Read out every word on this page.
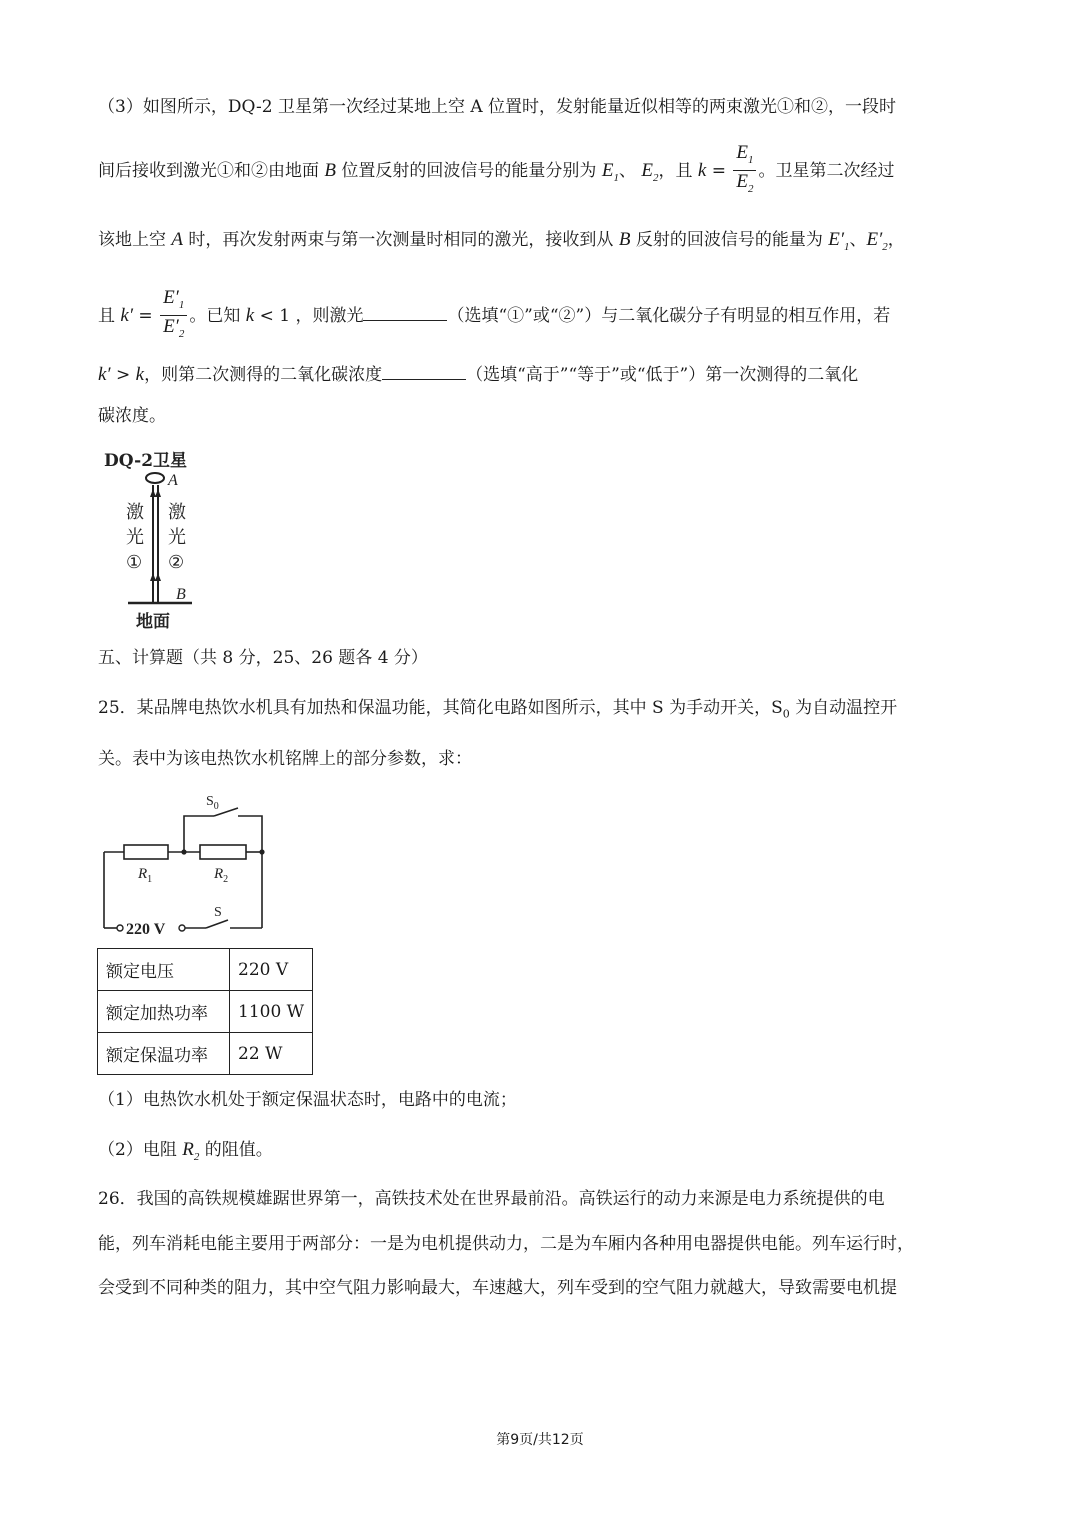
（3）如图所示，DQ-2 卫星第一次经过某地上空 A 位置时，发射能量近似相等的两束激光①和②，一段时
间后接收到激光①和②由地面 B 位置反射的回波信号的能量分别为 $E_1$、 $E_2$，且 $k = \frac{E_1}{E_2}$ 。卫星第二次经过
该地上空 A 时，再次发射两束与第一次测量时相同的激光，接收到从 B 反射的回波信号的能量为 $E'_1$、$E'_2$，
且 $k' = \frac{E'_1}{E'_2}$ 。已知 k < 1 ，则激光	（选填“①”或“②”）与二氧化碳分子有明显的相互作用，若
k′ > k，则第二次测得的二氧化碳浓度	（选填“高于”“等于”或“低于”）第一次测得的二氧化
碳浓度。
DQ-2卫星
A
激
光
①
激
光
②
B
地面
五、计算题（共 8 分，25、26 题各 4 分）
25．某品牌电热饮水机具有加热和保温功能，其简化电路如图所示，其中 S 为手动开关，$S_0$ 为自动温控开
关。表中为该电热饮水机铭牌上的部分参数，求：
$S_0$
$R_1$	$R_2$
220 V
S
额定电压	220 V
额定加热功率	1100 W
额定保温功率	22 W
（1）电热饮水机处于额定保温状态时，电路中的电流；
（2）电阻 $R_2$ 的阻值。
26．我国的高铁规模雄踞世界第一，高铁技术处在世界最前沿。高铁运行的动力来源是电力系统提供的电
能，列车消耗电能主要用于两部分：一是为电机提供动力，二是为车厢内各种用电器提供电能。列车运行时，
会受到不同种类的阻力，其中空气阻力影响最大，车速越大，列车受到的空气阻力就越大，导致需要电机提
第9页/共12页
